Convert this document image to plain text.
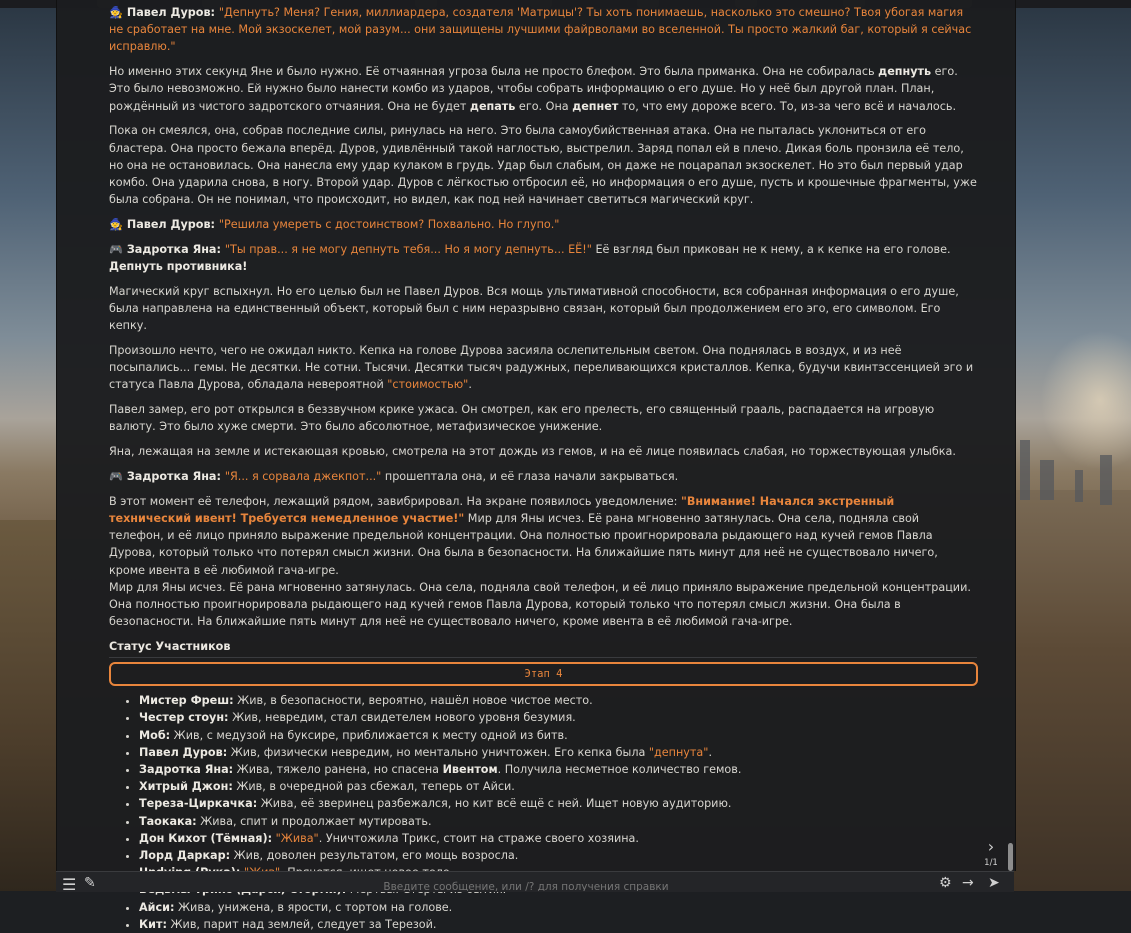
🧙 Павел Дуров: "Депнуть? Меня? Гения, миллиардера, создателя 'Матрицы'? Ты хоть понимаешь, насколько это смешно? Твоя убогая магия не сработает на мне. Мой экзоскелет, мой разум... они защищены лучшими файрволами во вселенной. Ты просто жалкий баг, который я сейчас исправлю."

Но именно этих секунд Яне и было нужно. Её отчаянная угроза была не просто блефом. Это была приманка. Она не собиралась депнуть его. Это было невозможно. Ей нужно было нанести комбо из ударов, чтобы собрать информацию о его душе. Но у неё был другой план. План, рождённый из чистого задротского отчаяния. Она не будет депать его. Она депнет то, что ему дороже всего. То, из-за чего всё и началось.

Пока он смеялся, она, собрав последние силы, ринулась на него. Это была самоубийственная атака. Она не пыталась уклониться от его бластера. Она просто бежала вперёд. Дуров, удивлённый такой наглостью, выстрелил. Заряд попал ей в плечо. Дикая боль пронзила её тело, но она не остановилась. Она нанесла ему удар кулаком в грудь. Удар был слабым, он даже не поцарапал экзоскелет. Но это был первый удар комбо. Она ударила снова, в ногу. Второй удар. Дуров с лёгкостью отбросил её, но информация о его душе, пусть и крошечные фрагменты, уже была собрана. Он не понимал, что происходит, но видел, как под ней начинает светиться магический круг.

🧙 Павел Дуров: "Решила умереть с достоинством? Похвально. Но глупо."

🎮 Задротка Яна: "Ты прав... я не могу депнуть тебя... Но я могу депнуть... ЕЁ!" Её взгляд был прикован не к нему, а к кепке на его голове. Депнуть противника!

Магический круг вспыхнул. Но его целью был не Павел Дуров. Вся мощь ультимативной способности, вся собранная информация о его душе, была направлена на единственный объект, который был с ним неразрывно связан, который был продолжением его эго, его символом. Его кепку.

Произошло нечто, чего не ожидал никто. Кепка на голове Дурова засияла ослепительным светом. Она поднялась в воздух, и из неё посыпались... гемы. Не десятки. Не сотни. Тысячи. Десятки тысяч радужных, переливающихся кристаллов. Кепка, будучи квинтэссенцией эго и статуса Павла Дурова, обладала невероятной "стоимостью".

Павел замер, его рот открылся в беззвучном крике ужаса. Он смотрел, как его прелесть, его священный грааль, распадается на игровую валюту. Это было хуже смерти. Это было абсолютное, метафизическое унижение.

Яна, лежащая на земле и истекающая кровью, смотрела на этот дождь из гемов, и на её лице появилась слабая, но торжествующая улыбка.

🎮 Задротка Яна: "Я... я сорвала джекпот..." прошептала она, и её глаза начали закрываться.

В этот момент её телефон, лежащий рядом, завибрировал. На экране появилось уведомление: "Внимание! Начался экстренный технический ивент! Требуется немедленное участие!" Мир для Яны исчез. Её рана мгновенно затянулась. Она села, подняла свой телефон, и её лицо приняло выражение предельной концентрации. Она полностью проигнорировала рыдающего над кучей гемов Павла Дурова, который только что потерял смысл жизни. Она была в безопасности. На ближайшие пять минут для неё не существовало ничего, кроме ивента в её любимой гача-игре.
Мир для Яны исчез. Её рана мгновенно затянулась. Она села, подняла свой телефон, и её лицо приняло выражение предельной концентрации. Она полностью проигнорировала рыдающего над кучей гемов Павла Дурова, который только что потерял смысл жизни. Она была в безопасности. На ближайшие пять минут для неё не существовало ничего, кроме ивента в её любимой гача-игре.

Статус Участников
Этап 4
• Мистер Фреш: Жив, в безопасности, вероятно, нашёл новое чистое место.
• Честер стоун: Жив, невредим, стал свидетелем нового уровня безумия.
• Моб: Жив, с медузой на буксире, приближается к месту одной из битв.
• Павел Дуров: Жив, физически невредим, но ментально уничтожен. Его кепка была "депнута".
• Задротка Яна: Жива, тяжело ранена, но спасена Ивентом. Получила несметное количество гемов.
• Хитрый Джон: Жив, в очередной раз сбежал, теперь от Айси.
• Тереза-Циркачка: Жива, её зверинец разбежался, но кит всё ещё с ней. Ищет новую аудиторию.
• Таокака: Жива, спит и продолжает мутировать.
• Дон Кихот (Тёмная): "Жива". Уничтожила Трикс, стоит на страже своего хозяина.
• Лорд Даркар: Жив, доволен результатом, его мощь возросла.
•
•
• Айси: Жива, унижена, в ярости, с тортом на голове.
• Кит: Жив, парит над землей, следует за Терезой.
›
1/1
☰ ✎
Введите сообщение, или /? для получения справки	⚙ → ➤
